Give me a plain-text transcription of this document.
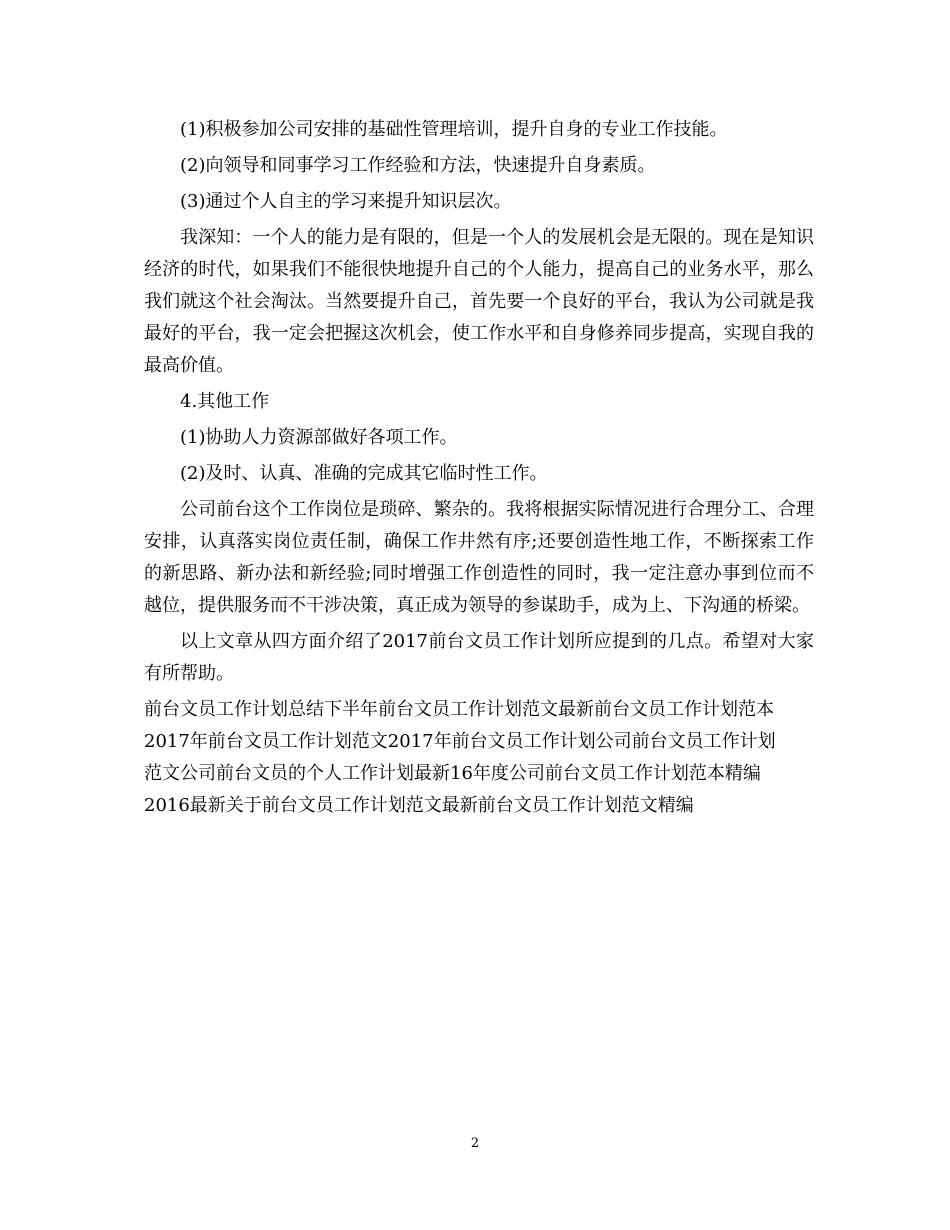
(1)积极参加公司安排的基础性管理培训，提升自身的专业工作技能。

(2)向领导和同事学习工作经验和方法，快速提升自身素质。

(3)通过个人自主的学习来提升知识层次。

我深知：一个人的能力是有限的，但是一个人的发展机会是无限的。现在是知识经济的时代，如果我们不能很快地提升自己的个人能力，提高自己的业务水平，那么我们就这个社会淘汰。当然要提升自己，首先要一个良好的平台，我认为公司就是我最好的平台，我一定会把握这次机会，使工作水平和自身修养同步提高，实现自我的最高价值。

4.其他工作

(1)协助人力资源部做好各项工作。

(2)及时、认真、准确的完成其它临时性工作。

公司前台这个工作岗位是琐碎、繁杂的。我将根据实际情况进行合理分工、合理安排，认真落实岗位责任制，确保工作井然有序;还要创造性地工作，不断探索工作的新思路、新办法和新经验;同时增强工作创造性的同时，我一定注意办事到位而不越位，提供服务而不干涉决策，真正成为领导的参谋助手，成为上、下沟通的桥梁。

以上文章从四方面介绍了2017前台文员工作计划所应提到的几点。希望对大家有所帮助。

前台文员工作计划总结下半年前台文员工作计划范文最新前台文员工作计划范本
2017年前台文员工作计划范文2017年前台文员工作计划公司前台文员工作计划
范文公司前台文员的个人工作计划最新16年度公司前台文员工作计划范本精编
2016最新关于前台文员工作计划范文最新前台文员工作计划范文精编

2
